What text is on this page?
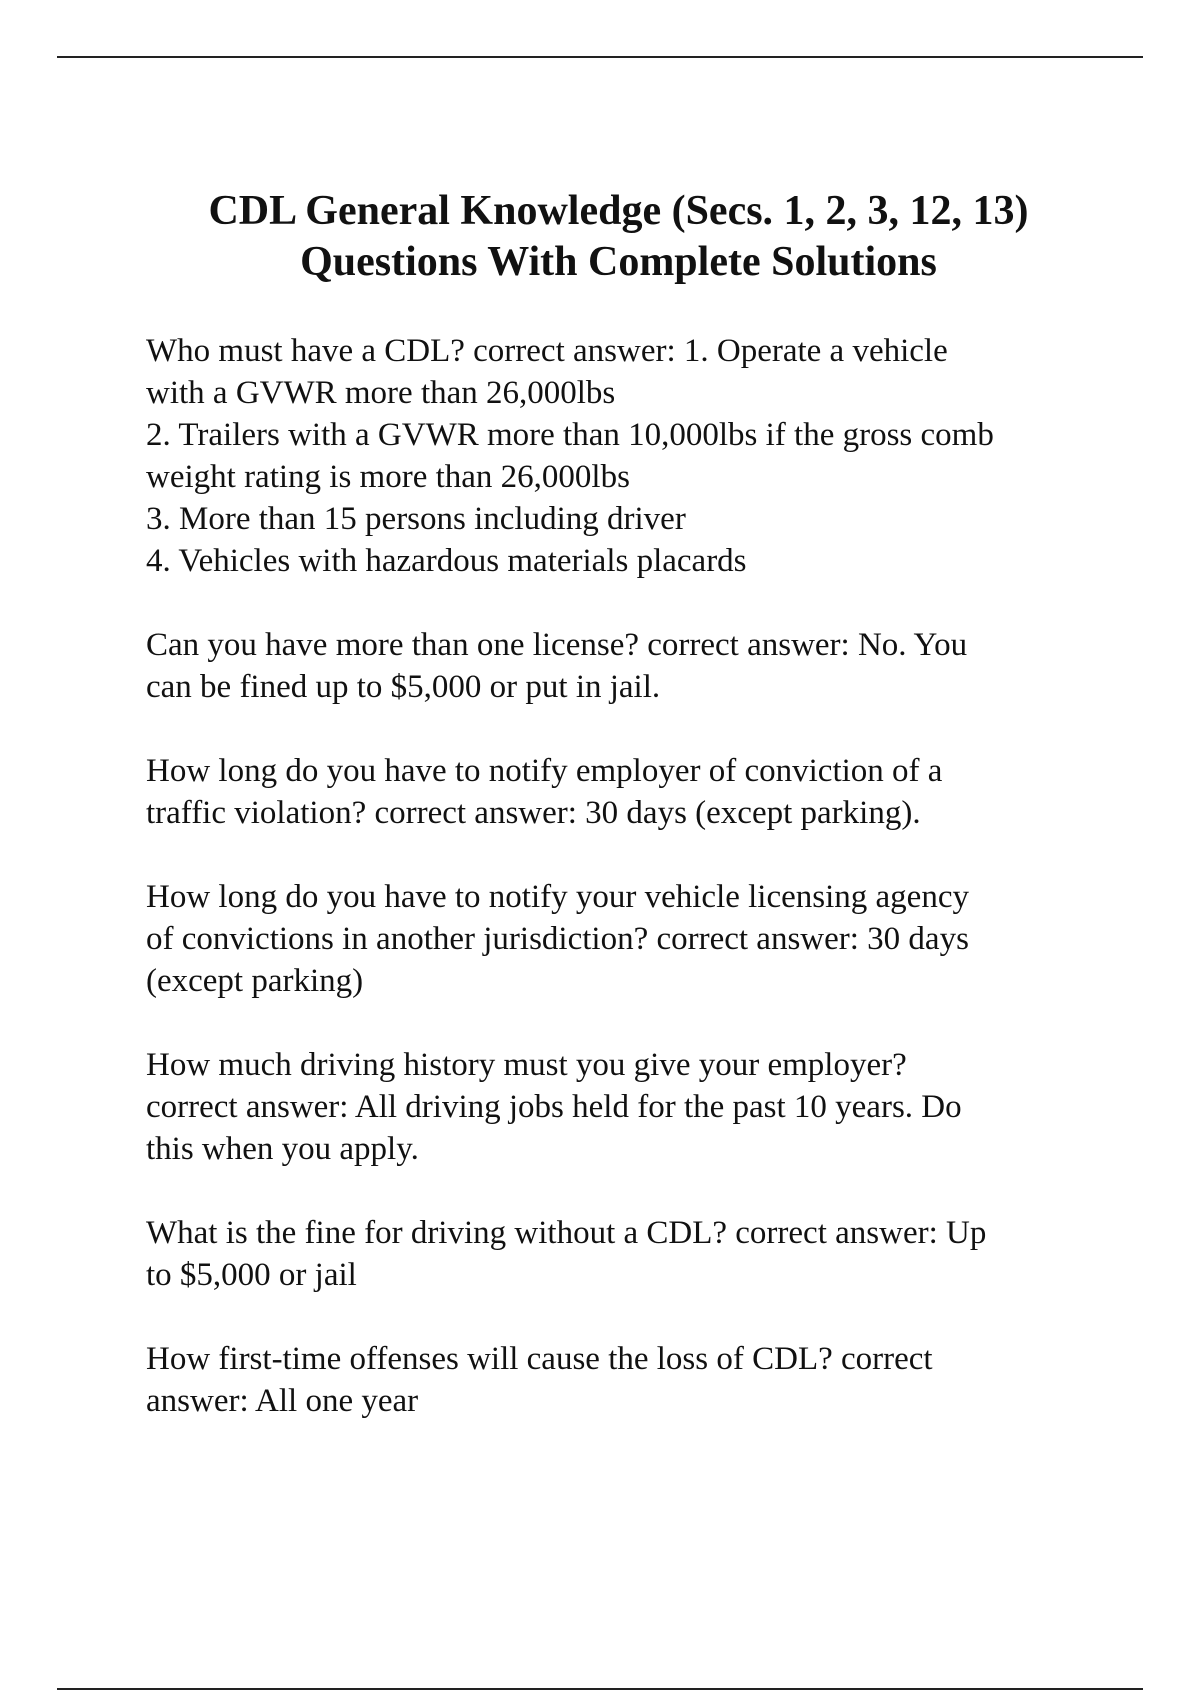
CDL General Knowledge (Secs. 1, 2, 3, 12, 13)
Questions With Complete Solutions
Who must have a CDL? correct answer: 1. Operate a vehicle
with a GVWR more than 26,000lbs
2. Trailers with a GVWR more than 10,000lbs if the gross comb
weight rating is more than 26,000lbs
3. More than 15 persons including driver
4. Vehicles with hazardous materials placards
Can you have more than one license? correct answer: No. You
can be fined up to $5,000 or put in jail.
How long do you have to notify employer of conviction of a
traffic violation? correct answer: 30 days (except parking).
How long do you have to notify your vehicle licensing agency
of convictions in another jurisdiction? correct answer: 30 days
(except parking)
How much driving history must you give your employer?
correct answer: All driving jobs held for the past 10 years. Do
this when you apply.
What is the fine for driving without a CDL? correct answer: Up
to $5,000 or jail
How first-time offenses will cause the loss of CDL? correct
answer: All one year
